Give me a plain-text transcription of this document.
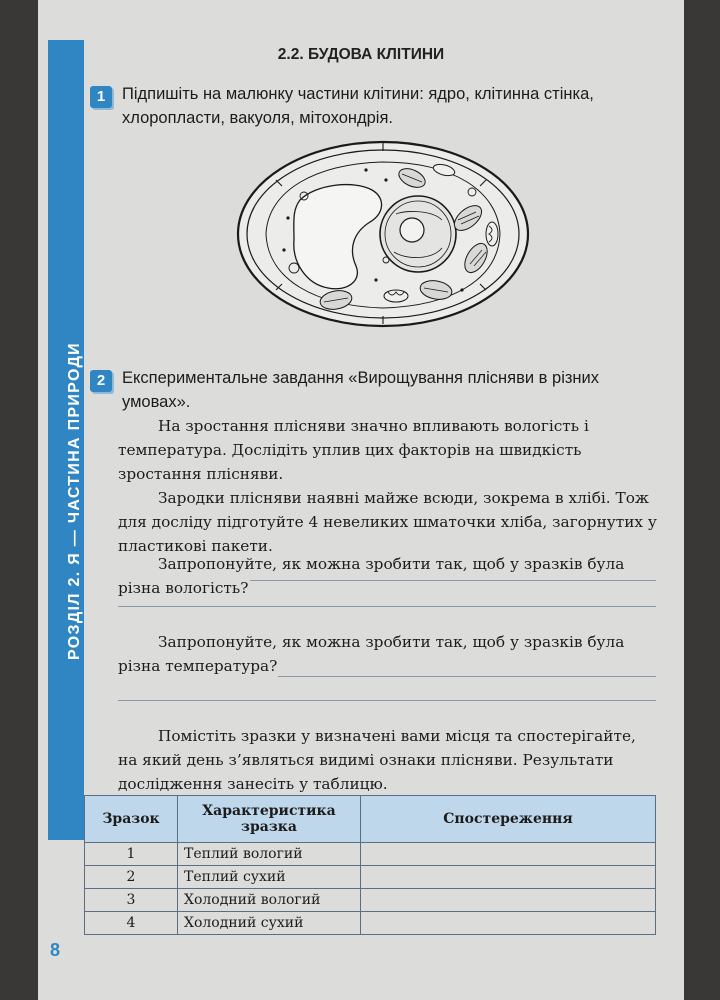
РОЗДІЛ 2. Я — ЧАСТИНА ПРИРОДИ
8
2.2. БУДОВА КЛІТИНИ
1	Підпишіть на малюнку частини клітини: ядро, клітинна стінка,
хлоропласти, вакуоля, мітохондрія.
2	Експериментальне завдання «Вирощування плісняви в різних
умовах».
На зростання плісняви значно впливають вологість і температура. Дослідіть уплив цих факторів на швидкість зростання плісняви.
Зародки плісняви наявні майже всюди, зокрема в хлібі. Тож для досліду підготуйте 4 невеликих шматочки хліба, загорнутих у пластикові пакети.
Запропонуйте, як можна зробити так, щоб у зразків була різна вологість?
Запропонуйте, як можна зробити так, щоб у зразків була різна температура?
Помістіть зразки у визначені вами місця та спостерігайте, на який день з’являться видимі ознаки плісняви. Результати дослідження занесіть у таблицю.
Зразок	Характеристика зразка	Спостереження
1	Теплий вологий	
2	Теплий сухий	
3	Холодний вологий	
4	Холодний сухий	
